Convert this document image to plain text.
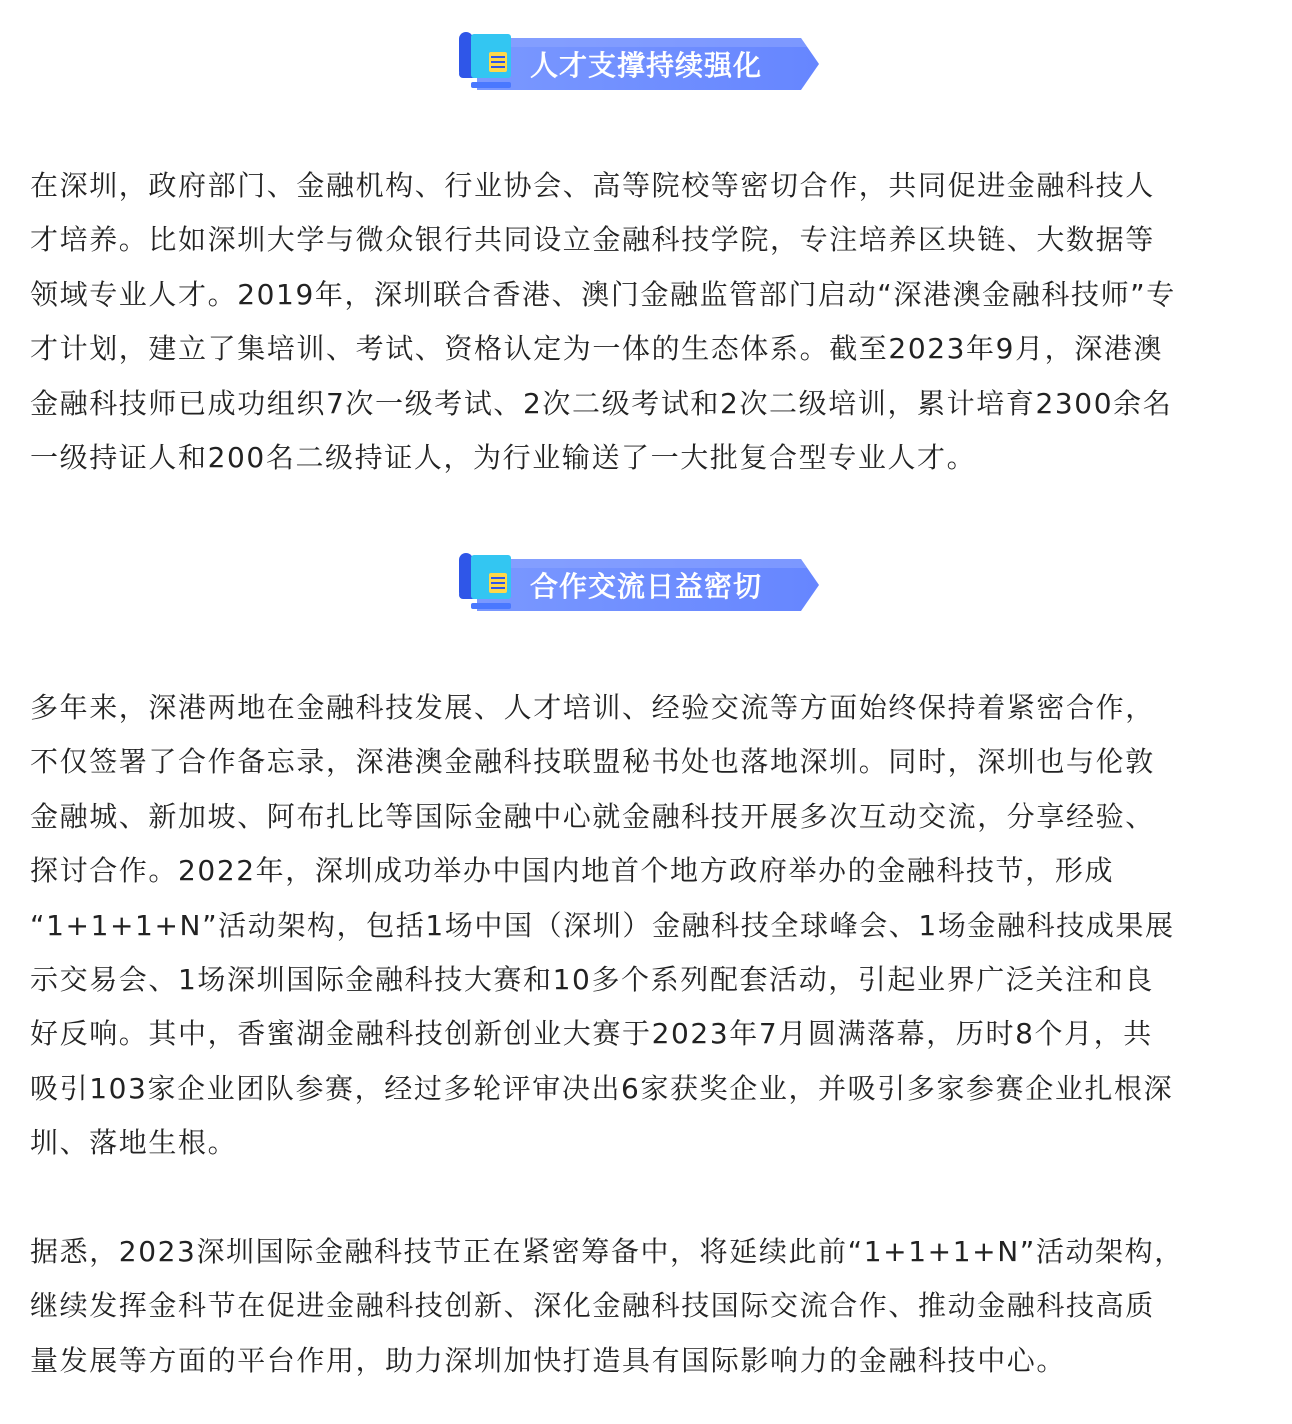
人才支撑持续强化

在深圳，政府部门、金融机构、行业协会、高等院校等密切合作，共同促进金融科技人
才培养。比如深圳大学与微众银行共同设立金融科技学院，专注培养区块链、大数据等
领域专业人才。2019年，深圳联合香港、澳门金融监管部门启动“深港澳金融科技师”专
才计划，建立了集培训、考试、资格认定为一体的生态体系。截至2023年9月，深港澳
金融科技师已成功组织7次一级考试、2次二级考试和2次二级培训，累计培育2300余名
一级持证人和200名二级持证人，为行业输送了一大批复合型专业人才。

合作交流日益密切

多年来，深港两地在金融科技发展、人才培训、经验交流等方面始终保持着紧密合作，
不仅签署了合作备忘录，深港澳金融科技联盟秘书处也落地深圳。同时，深圳也与伦敦
金融城、新加坡、阿布扎比等国际金融中心就金融科技开展多次互动交流，分享经验、
探讨合作。2022年，深圳成功举办中国内地首个地方政府举办的金融科技节，形成
“1+1+1+N”活动架构，包括1场中国（深圳）金融科技全球峰会、1场金融科技成果展
示交易会、1场深圳国际金融科技大赛和10多个系列配套活动，引起业界广泛关注和良
好反响。其中，香蜜湖金融科技创新创业大赛于2023年7月圆满落幕，历时8个月，共
吸引103家企业团队参赛，经过多轮评审决出6家获奖企业，并吸引多家参赛企业扎根深
圳、落地生根。

据悉，2023深圳国际金融科技节正在紧密筹备中，将延续此前“1+1+1+N”活动架构，
继续发挥金科节在促进金融科技创新、深化金融科技国际交流合作、推动金融科技高质
量发展等方面的平台作用，助力深圳加快打造具有国际影响力的金融科技中心。
